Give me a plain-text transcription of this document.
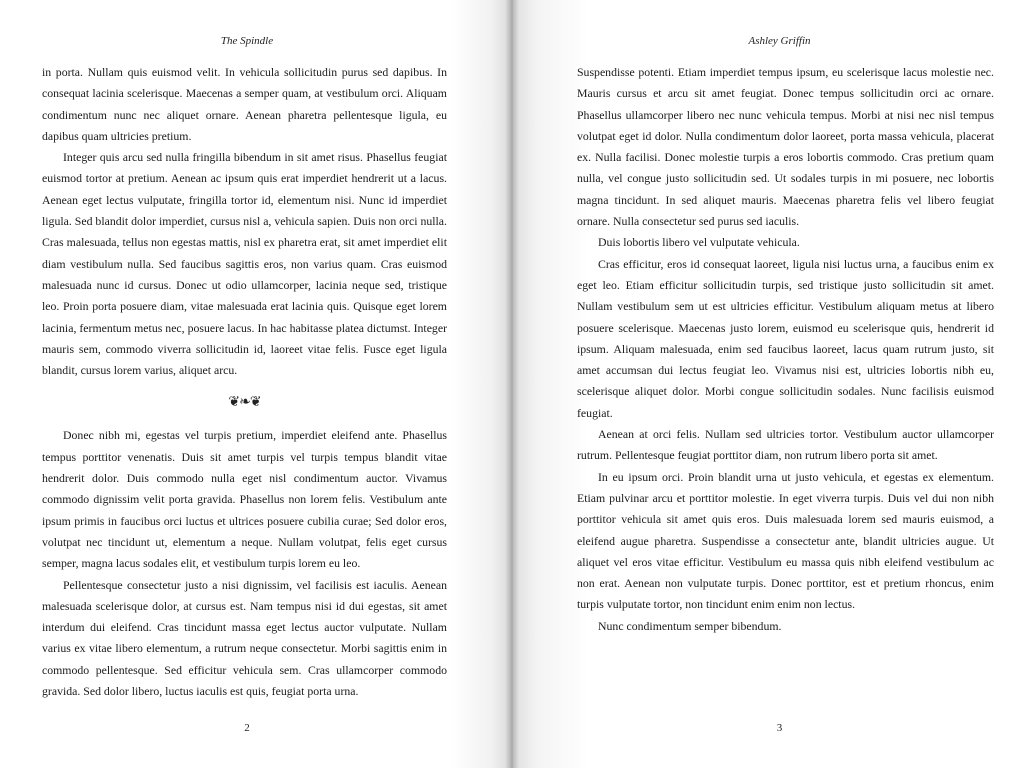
The Spindle

in porta. Nullam quis euismod velit. In vehicula sollicitudin purus sed dapibus. In consequat lacinia scelerisque. Maecenas a semper quam, at vestibulum orci. Aliquam condimentum nunc nec aliquet ornare. Aenean pharetra pellentesque ligula, eu dapibus quam ultricies pretium.

Integer quis arcu sed nulla fringilla bibendum in sit amet risus. Phasellus feugiat euismod tortor at pretium. Aenean ac ipsum quis erat imperdiet hendrerit ut a lacus. Aenean eget lectus vulputate, fringilla tortor id, elementum nisi. Nunc id imperdiet ligula. Sed blandit dolor imperdiet, cursus nisl a, vehicula sapien. Duis non orci nulla. Cras malesuada, tellus non egestas mattis, nisl ex pharetra erat, sit amet imperdiet elit diam vestibulum nulla. Sed faucibus sagittis eros, non varius quam. Cras euismod malesuada nunc id cursus. Donec ut odio ullamcorper, lacinia neque sed, tristique leo. Proin porta posuere diam, vitae malesuada erat lacinia quis. Quisque eget lorem lacinia, fermentum metus nec, posuere lacus. In hac habitasse platea dictumst. Integer mauris sem, commodo viverra sollicitudin id, laoreet vitae felis. Fusce eget ligula blandit, cursus lorem varius, aliquet arcu.

❦❧❦

Donec nibh mi, egestas vel turpis pretium, imperdiet eleifend ante. Phasellus tempus porttitor venenatis. Duis sit amet turpis vel turpis tempus blandit vitae hendrerit dolor. Duis commodo nulla eget nisl condimentum auctor. Vivamus commodo dignissim velit porta gravida. Phasellus non lorem felis. Vestibulum ante ipsum primis in faucibus orci luctus et ultrices posuere cubilia curae; Sed dolor eros, volutpat nec tincidunt ut, elementum a neque. Nullam volutpat, felis eget cursus semper, magna lacus sodales elit, et vestibulum turpis lorem eu leo.

Pellentesque consectetur justo a nisi dignissim, vel facilisis est iaculis. Aenean malesuada scelerisque dolor, at cursus est. Nam tempus nisi id dui egestas, sit amet interdum dui eleifend. Cras tincidunt massa eget lectus auctor vulputate. Nullam varius ex vitae libero elementum, a rutrum neque consectetur. Morbi sagittis enim in commodo pellentesque. Sed efficitur vehicula sem. Cras ullamcorper commodo gravida. Sed dolor libero, luctus iaculis est quis, feugiat porta urna.

2
Ashley Griffin

Suspendisse potenti. Etiam imperdiet tempus ipsum, eu scelerisque lacus molestie nec. Mauris cursus et arcu sit amet feugiat. Donec tempus sollicitudin orci ac ornare. Phasellus ullamcorper libero nec nunc vehicula tempus. Morbi at nisi nec nisl tempus volutpat eget id dolor. Nulla condimentum dolor laoreet, porta massa vehicula, placerat ex. Nulla facilisi. Donec molestie turpis a eros lobortis commodo. Cras pretium quam nulla, vel congue justo sollicitudin sed. Ut sodales turpis in mi posuere, nec lobortis magna tincidunt. In sed aliquet mauris. Maecenas pharetra felis vel libero feugiat ornare. Nulla consectetur sed purus sed iaculis.

Duis lobortis libero vel vulputate vehicula.

Cras efficitur, eros id consequat laoreet, ligula nisi luctus urna, a faucibus enim ex eget leo. Etiam efficitur sollicitudin turpis, sed tristique justo sollicitudin sit amet. Nullam vestibulum sem ut est ultricies efficitur. Vestibulum aliquam metus at libero posuere scelerisque. Maecenas justo lorem, euismod eu scelerisque quis, hendrerit id ipsum. Aliquam malesuada, enim sed faucibus laoreet, lacus quam rutrum justo, sit amet accumsan dui lectus feugiat leo. Vivamus nisi est, ultricies lobortis nibh eu, scelerisque aliquet dolor. Morbi congue sollicitudin sodales. Nunc facilisis euismod feugiat.

Aenean at orci felis. Nullam sed ultricies tortor. Vestibulum auctor ullamcorper rutrum. Pellentesque feugiat porttitor diam, non rutrum libero porta sit amet.

In eu ipsum orci. Proin blandit urna ut justo vehicula, et egestas ex elementum. Etiam pulvinar arcu et porttitor molestie. In eget viverra turpis. Duis vel dui non nibh porttitor vehicula sit amet quis eros. Duis malesuada lorem sed mauris euismod, a eleifend augue pharetra. Suspendisse a consectetur ante, blandit ultricies augue. Ut aliquet vel eros vitae efficitur. Vestibulum eu massa quis nibh eleifend vestibulum ac non erat. Aenean non vulputate turpis. Donec porttitor, est et pretium rhoncus, enim turpis vulputate tortor, non tincidunt enim enim non lectus.

Nunc condimentum semper bibendum.

3
